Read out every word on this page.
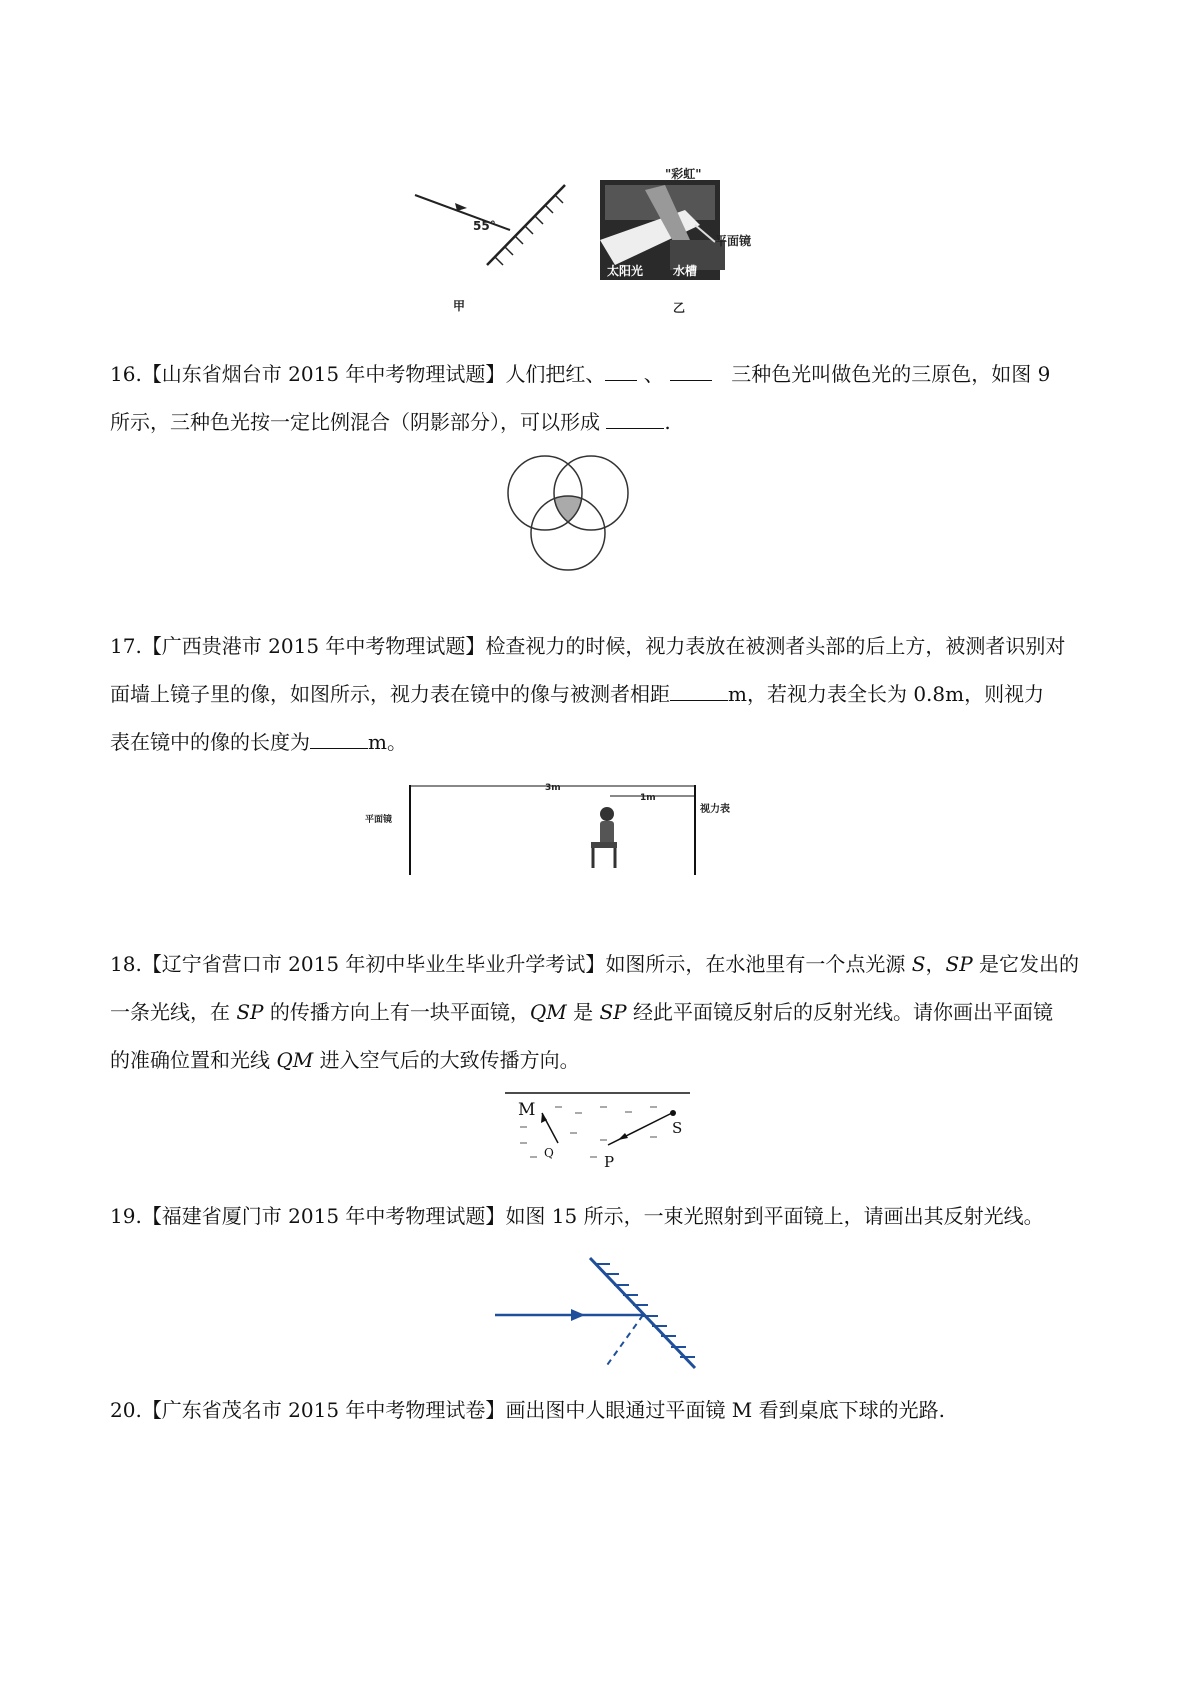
55°
甲
"彩虹"
平面镜
太阳光 水槽
乙
16.【山东省烟台市 2015 年中考物理试题】人们把红、 、	三种色光叫做色光的三原色，如图 9
所示，三种色光按一定比例混合（阴影部分），可以形成	.
17.【广西贵港市 2015 年中考物理试题】检查视力的时候，视力表放在被测者头部的后上方，被测者识别对
面墙上镜子里的像，如图所示，视力表在镜中的像与被测者相距	m，若视力表全长为 0.8m，则视力
表在镜中的像的长度为	m。
3m
1m
平面镜
视力表
18.【辽宁省营口市 2015 年初中毕业生毕业升学考试】如图所示，在水池里有一个点光源 S，SP 是它发出的
一条光线，在 SP 的传播方向上有一块平面镜，QM 是 SP 经此平面镜反射后的反射光线。请你画出平面镜
的准确位置和光线 QM 进入空气后的大致传播方向。
M
Q	P
S
19.【福建省厦门市 2015 年中考物理试题】如图 15 所示，一束光照射到平面镜上，请画出其反射光线。
20.【广东省茂名市 2015 年中考物理试卷】画出图中人眼通过平面镜 M 看到桌底下球的光路.
